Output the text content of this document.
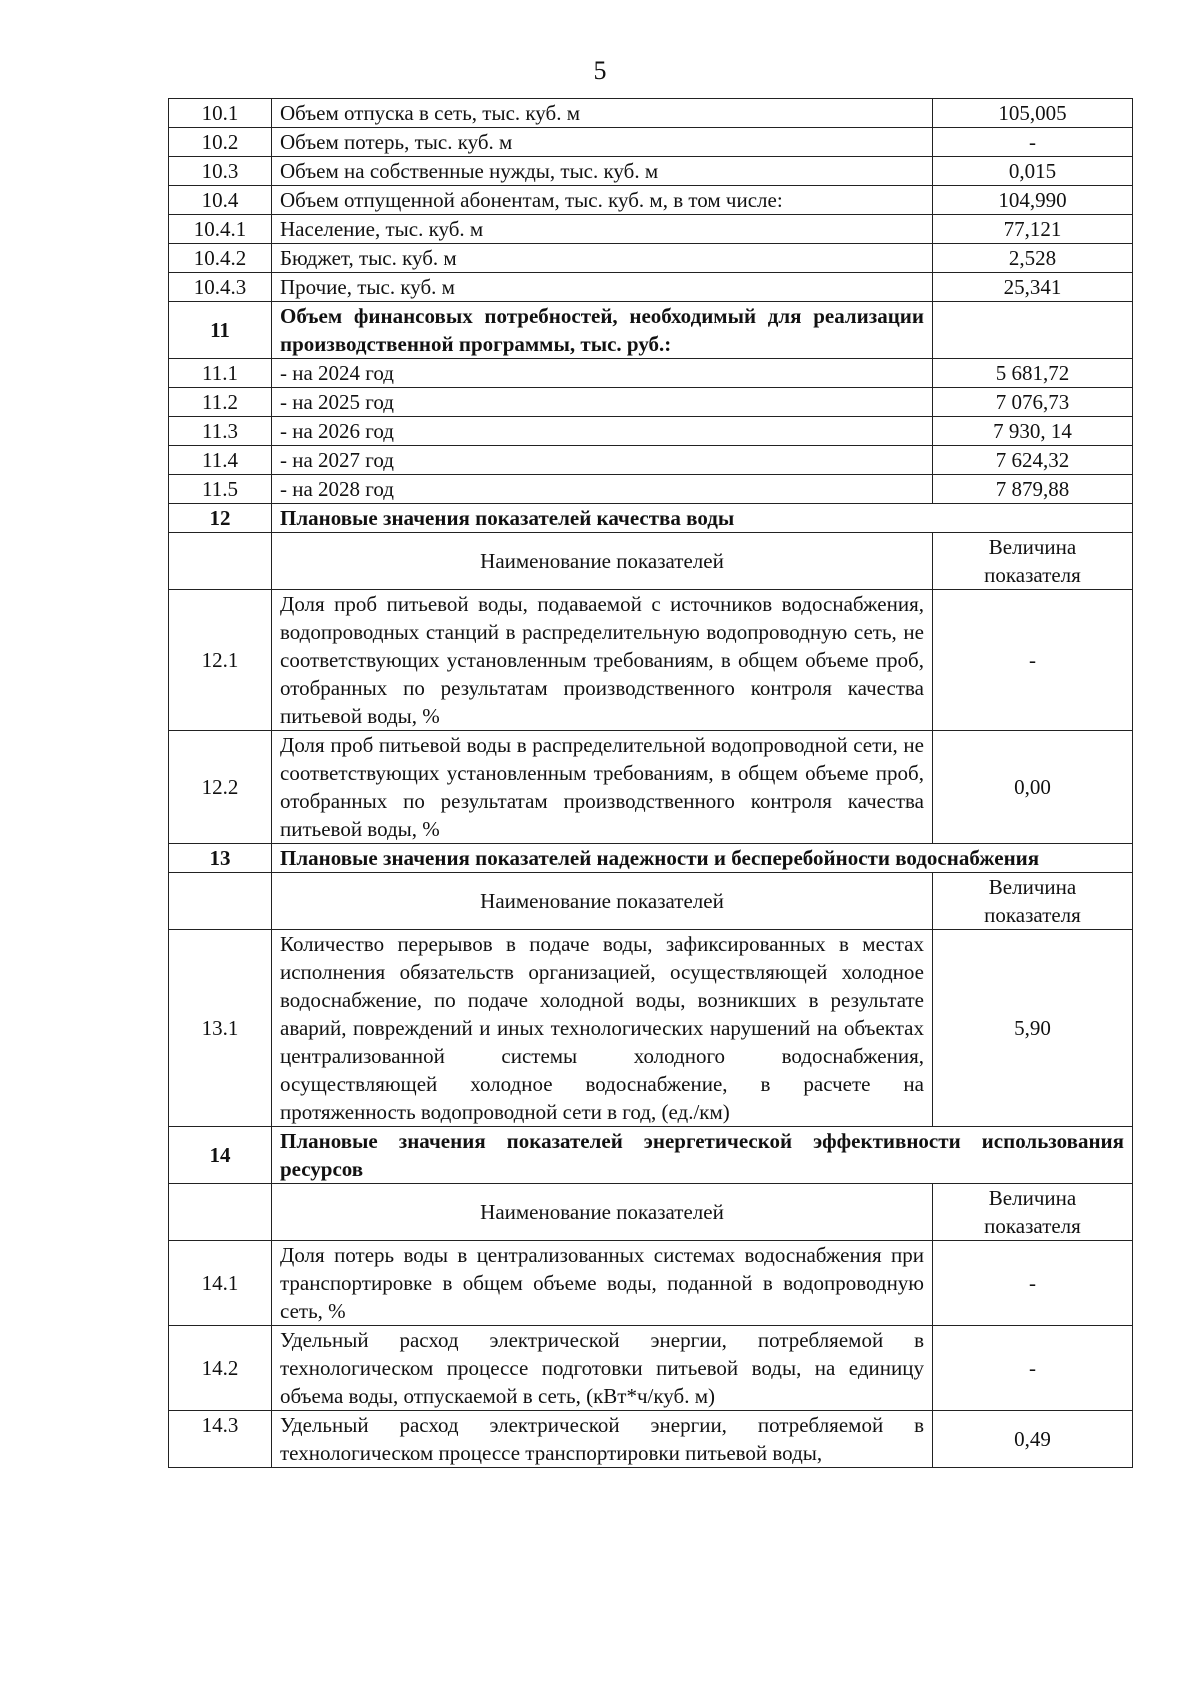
5
10.1	Объем отпуска в сеть, тыс. куб. м	105,005
10.2	Объем потерь, тыс. куб. м	-
10.3	Объем на собственные нужды, тыс. куб. м	0,015
10.4	Объем отпущенной абонентам, тыс. куб. м, в том числе:	104,990
10.4.1	Население, тыс. куб. м	77,121
10.4.2	Бюджет, тыс. куб. м	2,528
10.4.3	Прочие, тыс. куб. м	25,341
11	Объем финансовых потребностей, необходимый для реализации производственной программы, тыс. руб.:	
11.1	- на 2024 год	5 681,72
11.2	- на 2025 год	7 076,73
11.3	- на 2026 год	7 930, 14
11.4	- на 2027 год	7 624,32
11.5	- на 2028 год	7 879,88
12	Плановые значения показателей качества воды	
	Наименование показателей	Величина показателя
12.1	Доля проб питьевой воды, подаваемой с источников водоснабжения, водопроводных станций в распределительную водопроводную сеть, не соответствующих установленным требованиям, в общем объеме проб, отобранных по результатам производственного контроля качества питьевой воды, %	-
12.2	Доля проб питьевой воды в распределительной водопроводной сети, не соответствующих установленным требованиям, в общем объеме проб, отобранных по результатам производственного контроля качества питьевой воды, %	0,00
13	Плановые значения показателей надежности и бесперебойности водоснабжения	
	Наименование показателей	Величина показателя
13.1	Количество перерывов в подаче воды, зафиксированных в местах исполнения обязательств организацией, осуществляющей холодное водоснабжение, по подаче холодной воды, возникших в результате аварий, повреждений и иных технологических нарушений на объектах централизованной системы холодного водоснабжения, осуществляющей холодное водоснабжение, в расчете на протяженность водопроводной сети в год, (ед./км)	5,90
14	Плановые значения показателей энергетической эффективности использования ресурсов	
	Наименование показателей	Величина показателя
14.1	Доля потерь воды в централизованных системах водоснабжения при транспортировке в общем объеме воды, поданной в водопроводную сеть, %	-
14.2	Удельный расход электрической энергии, потребляемой в технологическом процессе подготовки питьевой воды, на единицу объема воды, отпускаемой в сеть, (кВт*ч/куб. м)	-
14.3	Удельный расход электрической энергии, потребляемой в технологическом процессе транспортировки питьевой воды,	0,49
